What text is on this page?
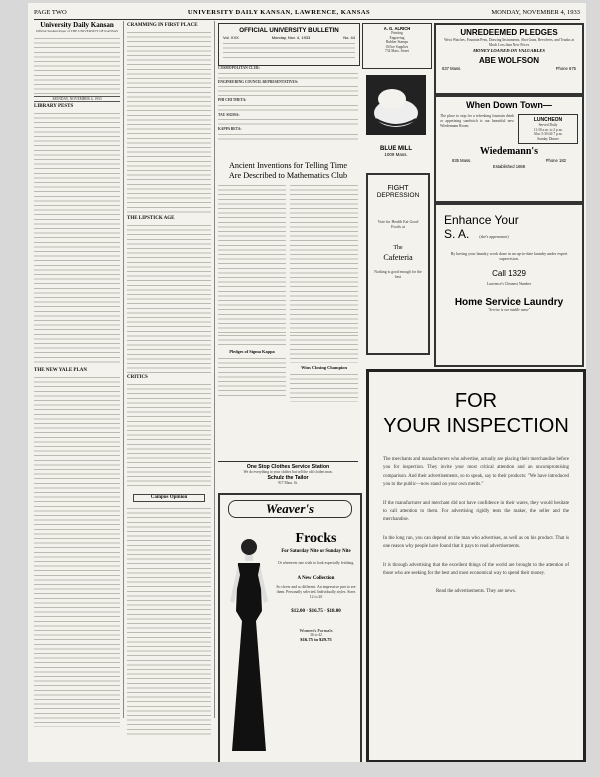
PAGE TWO	UNIVERSITY DAILY KANSAN, LAWRENCE, KANSAS	MONDAY, NOVEMBER 4, 1933
University Daily Kansan
Official Student Paper of THE UNIVERSITY OF KANSAS
MONDAY, NOVEMBER 4, 1933
LIBRARY PESTS
THE NEW YALE PLAN
CRAMMING IN FIRST PLACE
THE LIPSTICK AGE
CRITICS
Campus Opinion
OFFICIAL UNIVERSITY BULLETIN
Vol. XXX	Monday, Nov. 4, 1933	No. 44
COSMOPOLITAN CLUB:
ENGINEERING COUNCIL REPRESENTATIVES:
PHI CHI THETA:
TAU SIGMA:
KAPPA BETA:
Ancient Inventions for Telling Time
Are Described to Mathematics Club
Pledges of Sigma Kappa
Wins Closing Champion
A. G. ALRICH
Printing
Engraving
Rubber Stamps
Office Supplies
734 Mass. Street
BLUE MILL
1009 Mass.
FIGHT
DEPRESSION
Vote for Health Eat Good Foods at
The
Cafeteria
Nothing is good enough for the best
UNREDEEMED PLEDGES
Wrist Watches, Fountain Pens, Drawing Instruments, Shot Guns, Revolvers, and Trunks at Much Less than New Prices
MONEY LOANED ON VALUABLES
ABE WOLFSON
637 Mass.	Phone 675
When Down Town—
The place to stop for a refreshing fountain drink or appetizing sandwich is our beautiful new Wiedemann Room
LUNCHEON
Served Daily
11:30 a.m. to 2 p.m.
Also 5:30 till 7 p.m.
Sunday Dinner
Wiedemann's
835 Mass.	Phone 182
Established 1868
Enhance Your
S. A.	(she's appearance)
By having your laundry work done in an up-to-date laundry under expert supervision.
Call 1329
Lawrence's Cleanest Number
Home Service Laundry
"Service is our middle name"
One Stop Clothes Service Station
We do everything to your clothes but sell the old clothes man.
Schulz the Tailor
917 Mass. St.
Weaver's
Frocks
For Saturday Nite or Sunday Nite
Or whenever one wish to look especially fetching.
A New Collection
So clever and so different. An impressive part to see them. Personally selected. Individually styles. Sizes 12 to 20
$12.00 · $16.75 · $18.00
Women's Formals
36 to 42
$16.75 to $29.75
FOR
YOUR INSPECTION
The merchants and manufacturers who advertise, actually are placing their merchandise before you for inspection. They invite your most critical attention and an uncompromising comparison. And their advertisements, so to speak, say to their products: "We have introduced you to the public—now stand on your own merits."
If the manufacturer and merchant did not have confidence in their wares, they would hesitate to call attention to them. For advertising rigidly tests the maker, the seller and the merchandise.
In the long run, you can depend on the man who advertises, as well as on his product. That is one reason why people have found that it pays to read advertisements.
It is through advertising that the excellent things of the world are brought to the attention of those who are seeking for the best and most economical way to spend their money.
Read the advertisements. They are news.
